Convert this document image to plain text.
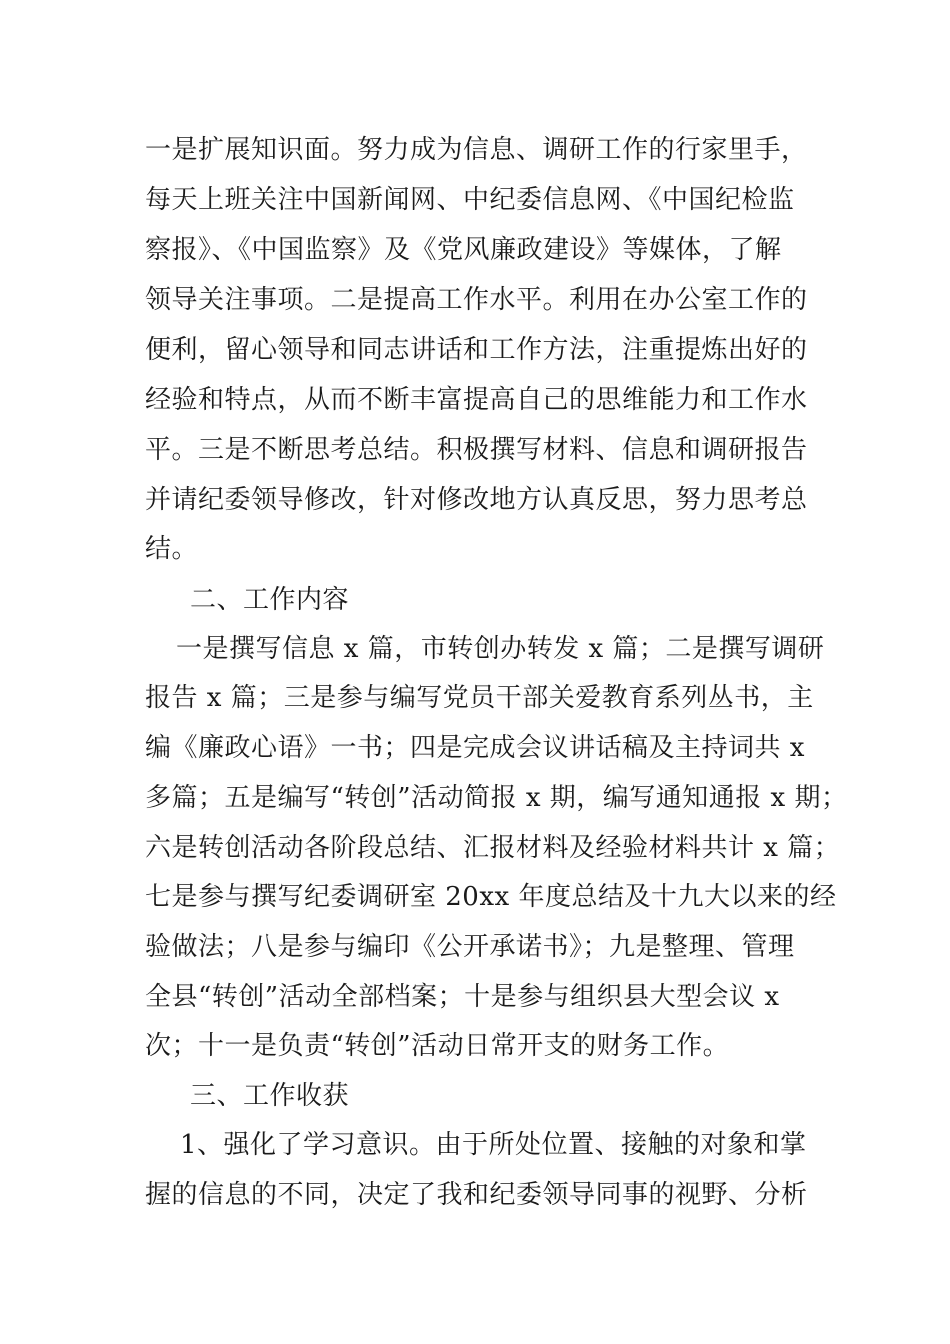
一是扩展知识面。努力成为信息、调研工作的行家里手，
每天上班关注中国新闻网、中纪委信息网、《中国纪检监
察报》、《中国监察》及《党风廉政建设》等媒体，了解
领导关注事项。二是提高工作水平。利用在办公室工作的
便利，留心领导和同志讲话和工作方法，注重提炼出好的
经验和特点，从而不断丰富提高自己的思维能力和工作水
平。三是不断思考总结。积极撰写材料、信息和调研报告
并请纪委领导修改，针对修改地方认真反思，努力思考总
结。
二、工作内容
一是撰写信息 x 篇，市转创办转发 x 篇；二是撰写调研
报告 x 篇；三是参与编写党员干部关爱教育系列丛书，主
编《廉政心语》一书；四是完成会议讲话稿及主持词共 x
多篇；五是编写“转创”活动简报 x 期，编写通知通报 x 期；
六是转创活动各阶段总结、汇报材料及经验材料共计 x 篇；
七是参与撰写纪委调研室 20xx 年度总结及十九大以来的经
验做法；八是参与编印《公开承诺书》；九是整理、管理
全县“转创”活动全部档案；十是参与组织县大型会议 x
次；十一是负责“转创”活动日常开支的财务工作。
三、工作收获
1、强化了学习意识。由于所处位置、接触的对象和掌
握的信息的不同，决定了我和纪委领导同事的视野、分析
